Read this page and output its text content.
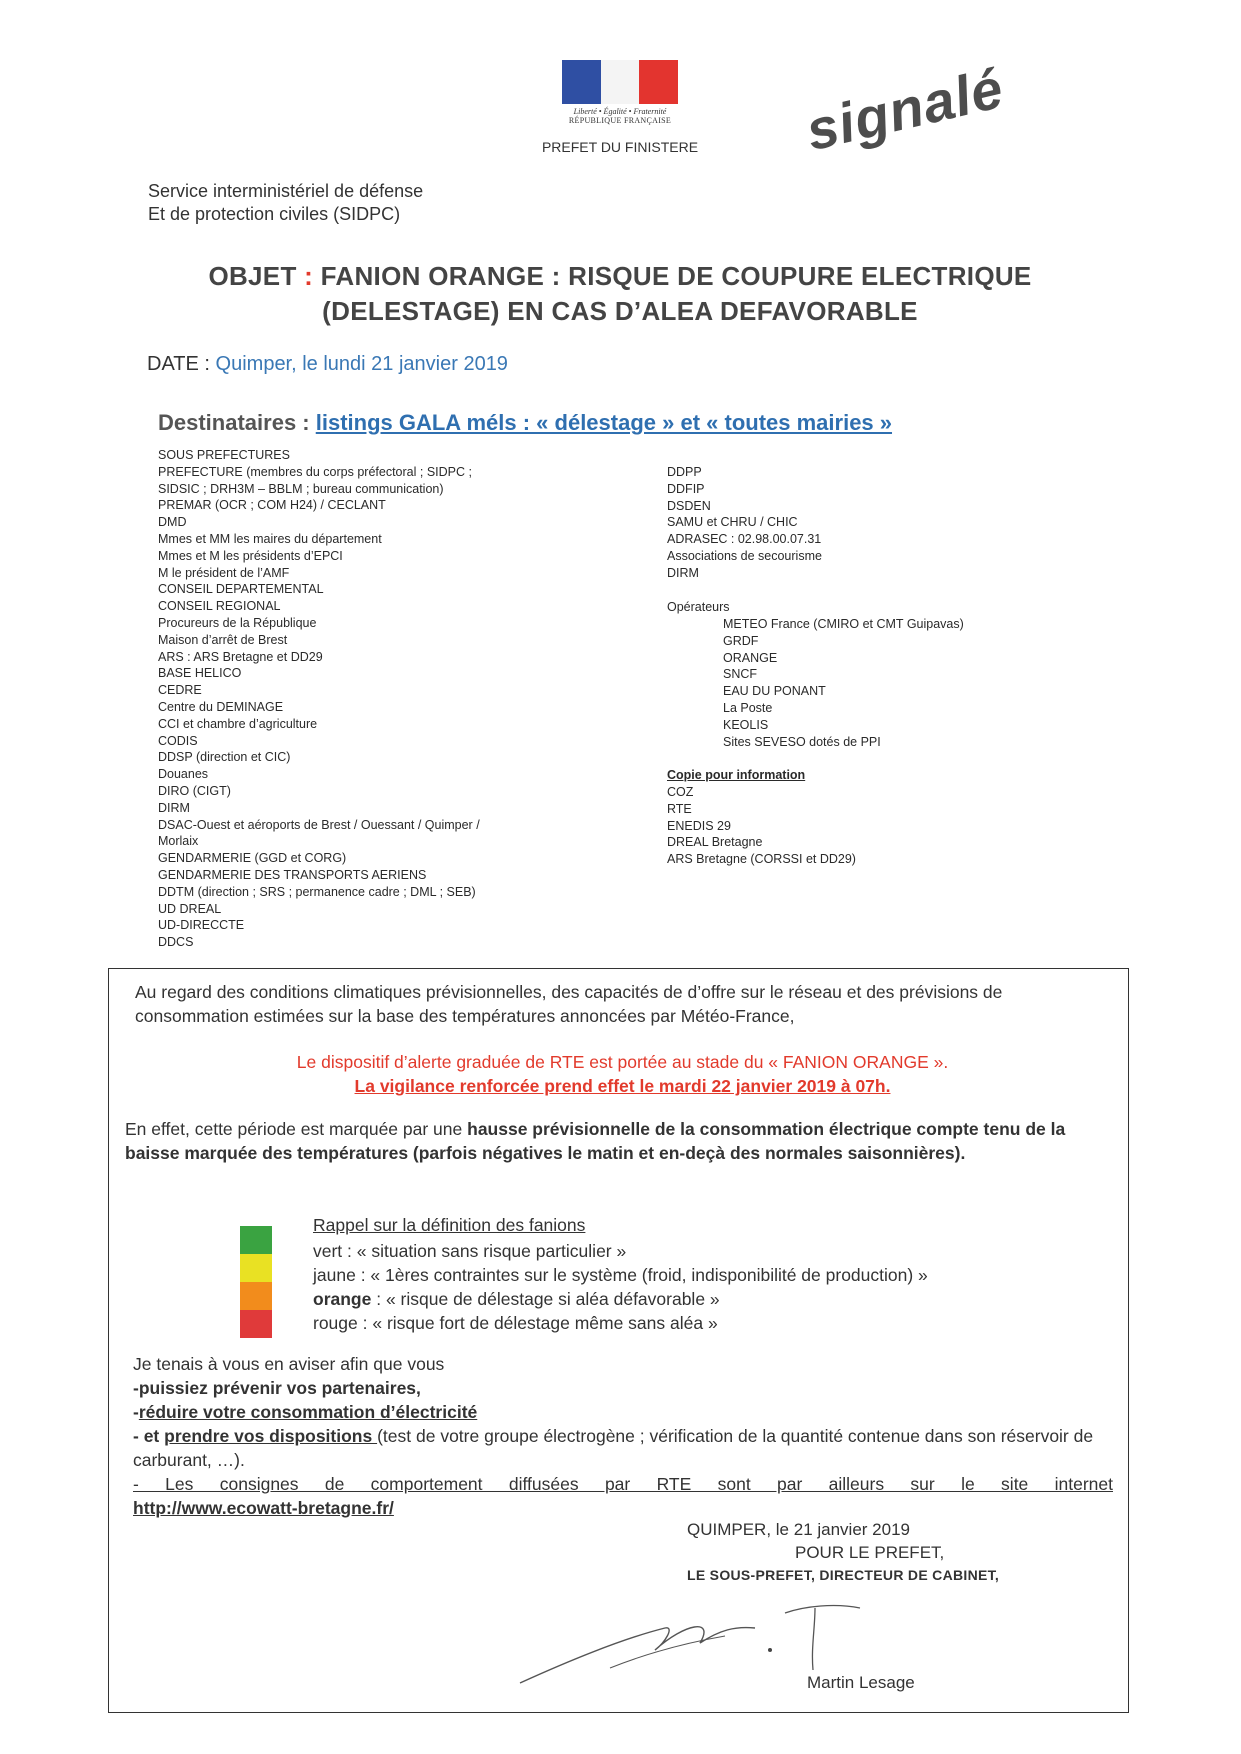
Liberté • Égalité • Fraternité
RÉPUBLIQUE FRANÇAISE
PREFET DU FINISTERE
Service interministériel de défense
Et de protection civiles (SIDPC)
signalé
OBJET : FANION ORANGE : RISQUE DE COUPURE ELECTRIQUE
(DELESTAGE) EN CAS D’ALEA DEFAVORABLE
DATE : Quimper, le lundi 21 janvier 2019
Destinataires : listings GALA méls : « délestage » et « toutes mairies »
SOUS PREFECTURES
PREFECTURE (membres du corps préfectoral ; SIDPC ;
SIDSIC ; DRH3M – BBLM ; bureau communication)
PREMAR (OCR ; COM H24) / CECLANT
DMD
Mmes et MM les maires du département
Mmes et M les présidents d’EPCI
M le président de l’AMF
CONSEIL DEPARTEMENTAL
CONSEIL REGIONAL
Procureurs de la République
Maison d’arrêt de Brest
ARS : ARS Bretagne et DD29
BASE HELICO
CEDRE
Centre du DEMINAGE
CCI et chambre d’agriculture
CODIS
DDSP (direction et CIC)
Douanes
DIRO (CIGT)
DIRM
DSAC-Ouest et aéroports de Brest / Ouessant / Quimper /
Morlaix
GENDARMERIE (GGD et CORG)
GENDARMERIE DES TRANSPORTS AERIENS
DDTM (direction ; SRS ; permanence cadre ; DML ; SEB)
UD DREAL
UD-DIRECCTE
DDCS
DDPP
DDFIP
DSDEN
SAMU et CHRU / CHIC
ADRASEC : 02.98.00.07.31
Associations de secourisme
DIRM
Opérateurs
METEO France (CMIRO et CMT Guipavas)
GRDF
ORANGE
SNCF
EAU DU PONANT
La Poste
KEOLIS
Sites SEVESO dotés de PPI
Copie pour information
COZ
RTE
ENEDIS 29
DREAL Bretagne
ARS Bretagne (CORSSI et DD29)
Au regard des conditions climatiques prévisionnelles, des capacités de d’offre sur le réseau et des prévisions de consommation estimées sur la base des températures annoncées par Météo-France,
Le dispositif d’alerte graduée de RTE est portée au stade du « FANION ORANGE ».
La vigilance renforcée prend effet le mardi 22 janvier 2019 à 07h.
En effet, cette période est marquée par une hausse prévisionnelle de la consommation électrique compte tenu de la baisse marquée des températures (parfois négatives le matin et en-deçà des normales saisonnières).
Rappel sur la définition des fanions
vert : « situation sans risque particulier »
jaune : « 1ères contraintes sur le système (froid, indisponibilité de production) »
orange : « risque de délestage si aléa défavorable »
rouge : « risque fort de délestage même sans aléa »
Je tenais à vous en aviser afin que vous
-puissiez prévenir vos partenaires,
-réduire votre consommation d’électricité
- et prendre vos dispositions (test de votre groupe électrogène ; vérification de la quantité contenue dans son réservoir de carburant, …).
- Les consignes de comportement diffusées par RTE sont par ailleurs sur le site internet
http://www.ecowatt-bretagne.fr/
QUIMPER, le 21 janvier 2019
POUR LE PREFET,
LE SOUS-PREFET, DIRECTEUR DE CABINET,
Martin Lesage
